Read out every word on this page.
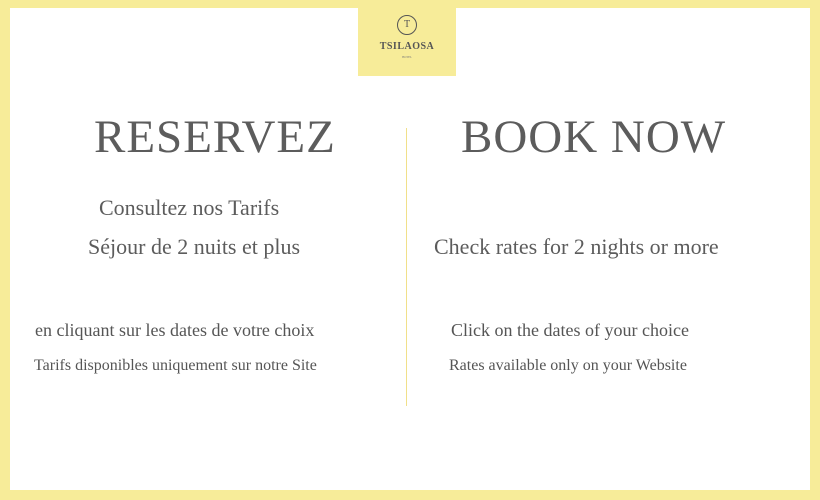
T
TSILAOSA
HOTEL
RESERVEZ
Consultez nos Tarifs
Séjour de 2 nuits et plus
en cliquant sur les dates de votre choix
Tarifs disponibles uniquement sur notre Site
BOOK NOW
Check rates for 2 nights or more
Click on the dates of your choice
Rates available only on your Website
